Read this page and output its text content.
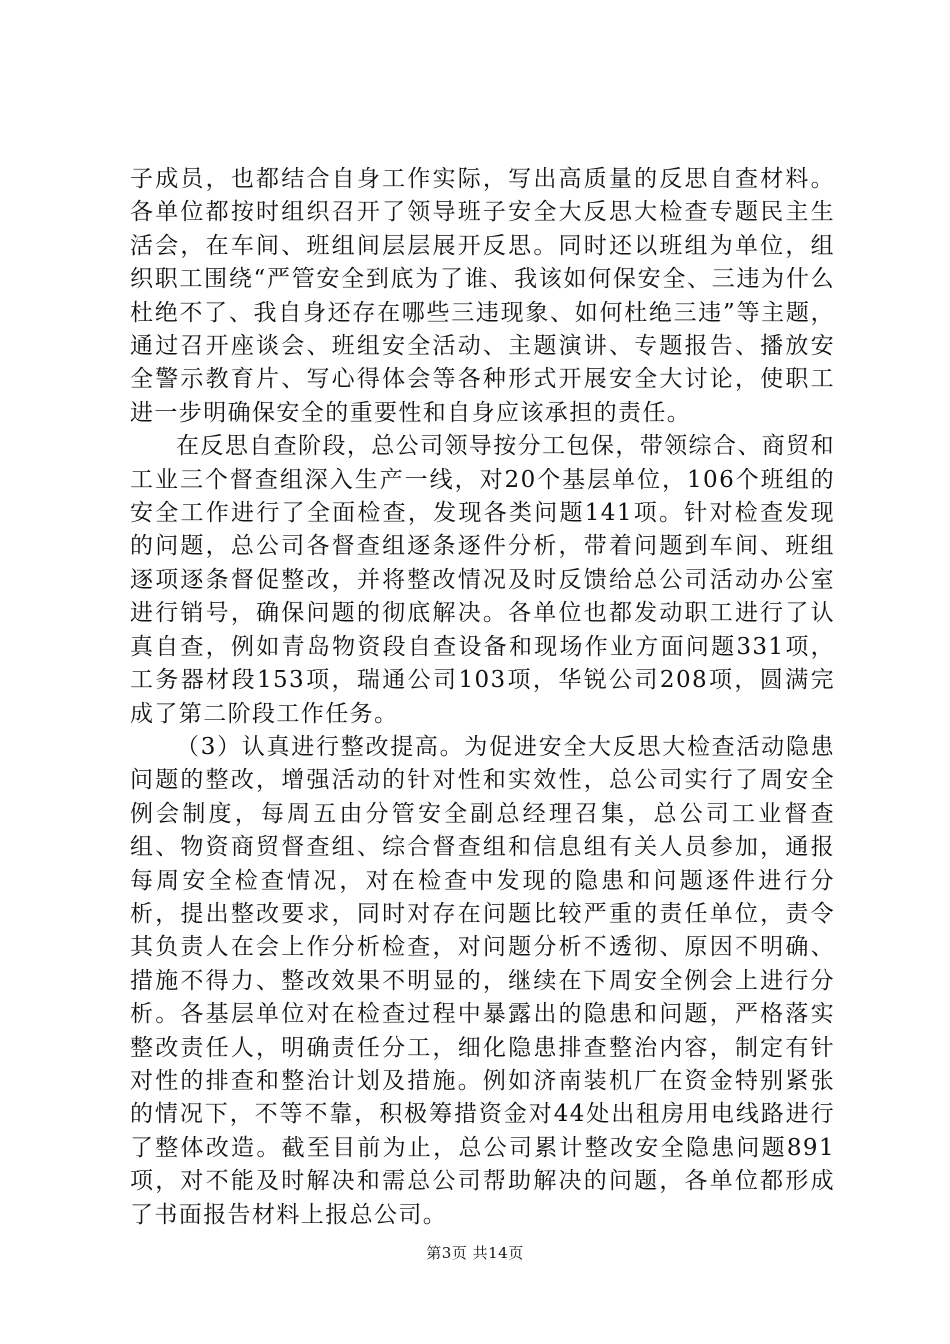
子成员，也都结合自身工作实际，写出高质量的反思自查材料。各单位都按时组织召开了领导班子安全大反思大检查专题民主生活会，在车间、班组间层层展开反思。同时还以班组为单位，组织职工围绕“严管安全到底为了谁、我该如何保安全、三违为什么杜绝不了、我自身还存在哪些三违现象、如何杜绝三违”等主题，通过召开座谈会、班组安全活动、主题演讲、专题报告、播放安全警示教育片、写心得体会等各种形式开展安全大讨论，使职工进一步明确保安全的重要性和自身应该承担的责任。

在反思自查阶段，总公司领导按分工包保，带领综合、商贸和工业三个督查组深入生产一线，对20个基层单位，106个班组的安全工作进行了全面检查，发现各类问题141项。针对检查发现的问题，总公司各督查组逐条逐件分析，带着问题到车间、班组逐项逐条督促整改，并将整改情况及时反馈给总公司活动办公室进行销号，确保问题的彻底解决。各单位也都发动职工进行了认真自查，例如青岛物资段自查设备和现场作业方面问题331项，工务器材段153项，瑞通公司103项，华锐公司208项，圆满完成了第二阶段工作任务。

（3）认真进行整改提高。为促进安全大反思大检查活动隐患问题的整改，增强活动的针对性和实效性，总公司实行了周安全例会制度，每周五由分管安全副总经理召集，总公司工业督查组、物资商贸督查组、综合督查组和信息组有关人员参加，通报每周安全检查情况，对在检查中发现的隐患和问题逐件进行分析，提出整改要求，同时对存在问题比较严重的责任单位，责令其负责人在会上作分析检查，对问题分析不透彻、原因不明确、措施不得力、整改效果不明显的，继续在下周安全例会上进行分析。各基层单位对在检查过程中暴露出的隐患和问题，严格落实整改责任人，明确责任分工，细化隐患排查整治内容，制定有针对性的排查和整治计划及措施。例如济南装机厂在资金特别紧张的情况下，不等不靠，积极筹措资金对44处出租房用电线路进行了整体改造。截至目前为止，总公司累计整改安全隐患问题891项，对不能及时解决和需总公司帮助解决的问题，各单位都形成了书面报告材料上报总公司。

第3页 共14页
